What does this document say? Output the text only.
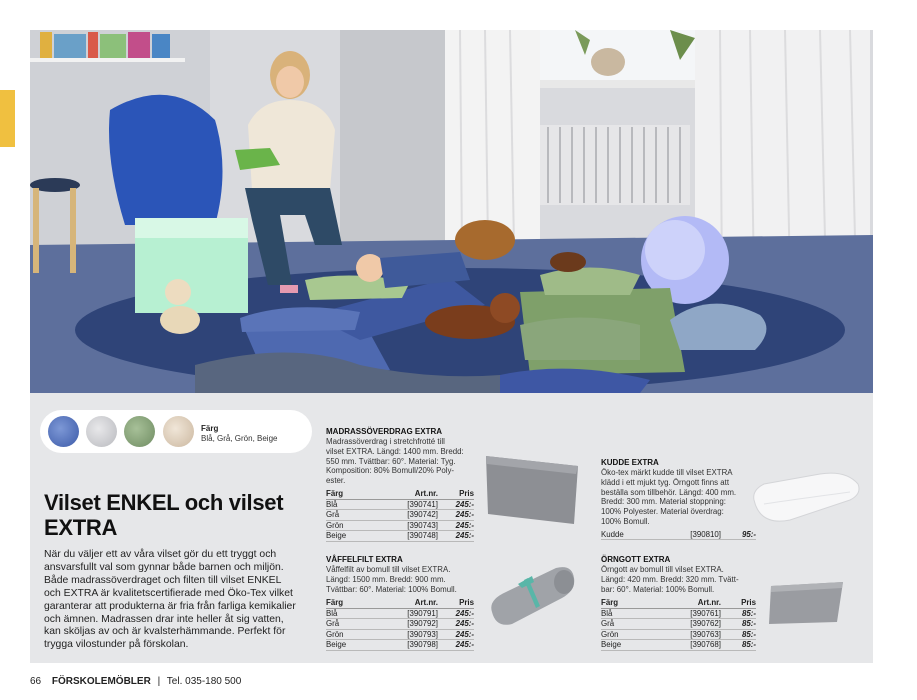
Färg
Blå, Grå, Grön, Beige
Vilset ENKEL och vilset EXTRA
När du väljer ett av våra vilset gör du ett tryggt och
ansvarsfullt val som gynnar både barnen och miljön.
Både madrassöverdraget och filten till vilset ENKEL
och EXTRA är kvalitetscertifierade med Öko-Tex vilket
garanterar att produkterna är fria från farliga kemikalier
och ämnen. Madrassen drar inte heller åt sig vatten,
kan sköljas av och är kvalsterhämmande. Perfekt för
trygga vilostunder på förskolan.
MADRASSÖVERDRAG EXTRA
Madrassöverdrag i stretchfrotté till
vilset EXTRA. Längd: 1400 mm. Bredd:
550 mm. Tvättbar: 60°. Material: Tyg.
Komposition: 80% Bomull/20% Poly-
ester.
Färg	Art.nr.	Pris
Blå	[390741]	245:-
Grå	[390742]	245:-
Grön	[390743]	245:-
Beige	[390748]	245:-
VÅFFELFILT EXTRA
Våffelfilt av bomull till vilset EXTRA.
Längd: 1500 mm. Bredd: 900 mm.
Tvättbar: 60°. Material: 100% Bomull.
Färg	Art.nr.	Pris
Blå	[390791]	245:-
Grå	[390792]	245:-
Grön	[390793]	245:-
Beige	[390798]	245:-
KUDDE EXTRA
Öko-tex märkt kudde till vilset EXTRA
klädd i ett mjukt tyg. Örngott finns att
beställa som tillbehör. Längd: 400 mm.
Bredd: 300 mm. Material stoppning:
100% Polyester. Material överdrag:
100% Bomull.
Kudde	[390810]	95:-
ÖRNGOTT EXTRA
Örngott av bomull till vilset EXTRA.
Längd: 420 mm. Bredd: 320 mm. Tvätt-
bar: 60°. Material: 100% Bomull.
Färg	Art.nr.	Pris
Blå	[390761]	85:-
Grå	[390762]	85:-
Grön	[390763]	85:-
Beige	[390768]	85:-
66 FÖRSKOLEMÖBLER | Tel. 035-180 500
